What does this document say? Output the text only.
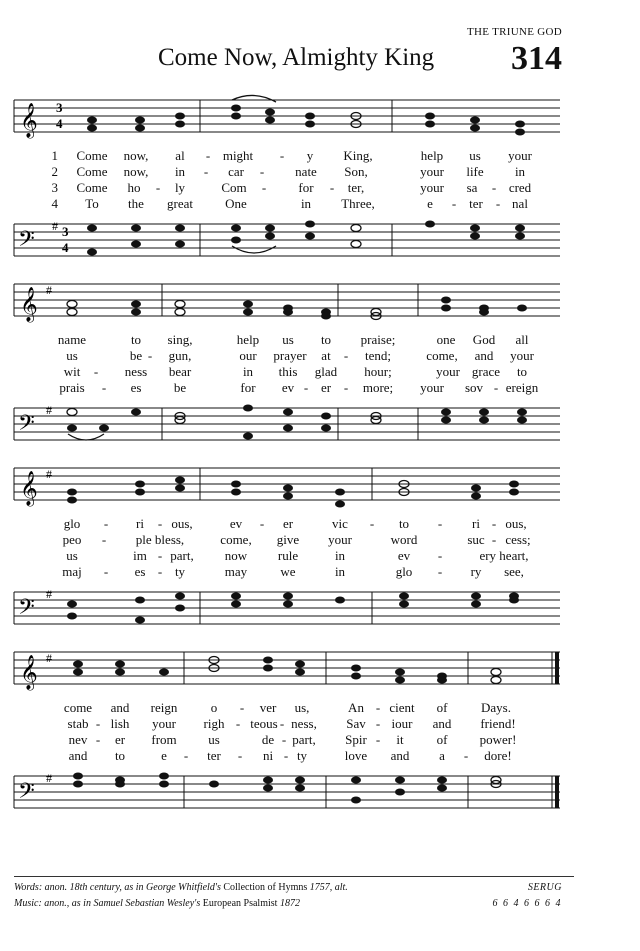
THE TRIUNE GOD
Come Now, Almighty King 314
𝄞 3
4
1 Come now, al - might - y King,	help us your
2 Come now, in - car - nate Son,	your life in
3 Come ho - ly	Com - for - ter,	your sa - cred
4 To the great One	in Three,	e - ter - nal
𝄢
# 3
4
𝄞 #
name	to sing,	help us to praise;	one God all
us	be - gun,	our prayer at - tend;	come, and your
wit - ness bear	in this glad hour;	your grace to
prais - es be	for ev - er - more; your sov - ereign
𝄢
#
𝄞 #
glo - ri - ous,	ev - er	vic - to - ri - ous,
peo - ple bless,	come, give your	word	suc - cess;
us	im - part, now rule	in	ev -	ery heart,
maj - es - ty	may	we	in	glo - ry see,
𝄢
#
𝄞 #
come and reign	o - ver us,	An - cient of	Days.
stab - lish your righ - teous - ness, Sav - iour and friend!
nev - er from us	de - part, Spir - it	of power!
and to	e - ter - ni - ty	love and a - dore!
𝄢
#
Words: anon. 18th century, as in George Whitfield's Collection of Hymns 1757, alt.
Music: anon., as in Samuel Sebastian Wesley's European Psalmist 1872
SERUG
6 6 4 6 6 6 4
